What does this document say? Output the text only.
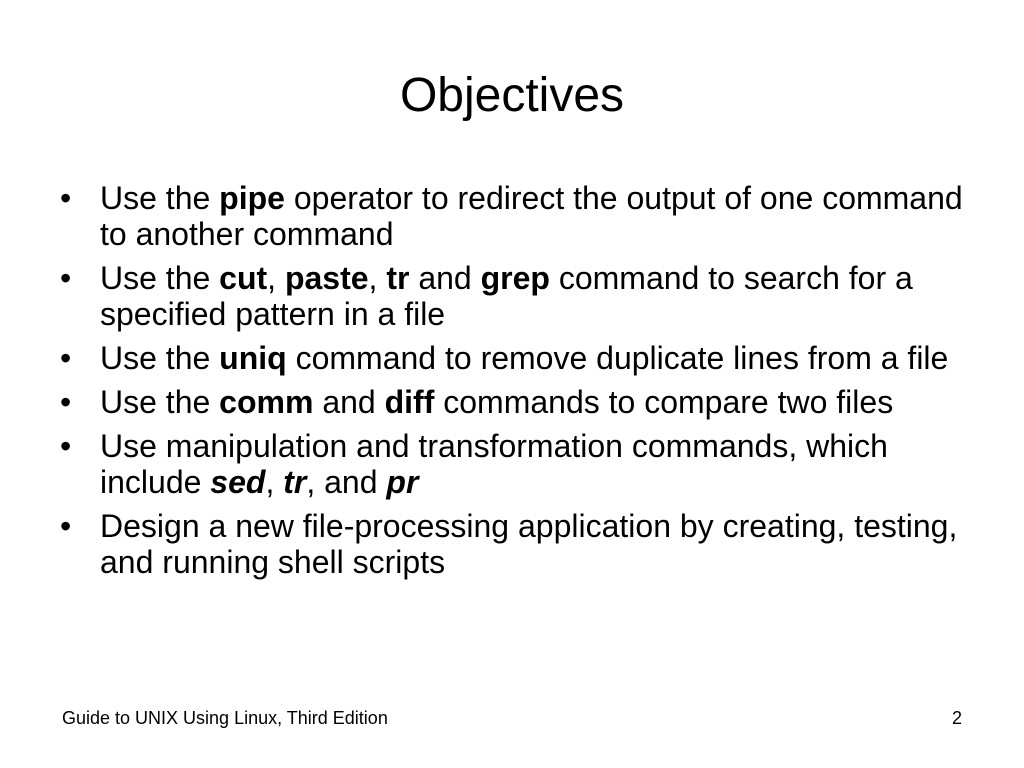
Objectives
• Use the pipe operator to redirect the output of one command to another command
• Use the cut, paste, tr and grep command to search for a specified pattern in a file
• Use the uniq command to remove duplicate lines from a file
• Use the comm and diff commands to compare two files
• Use manipulation and transformation commands, which include sed, tr, and pr
• Design a new file-processing application by creating, testing, and running shell scripts
Guide to UNIX Using Linux, Third Edition	2
